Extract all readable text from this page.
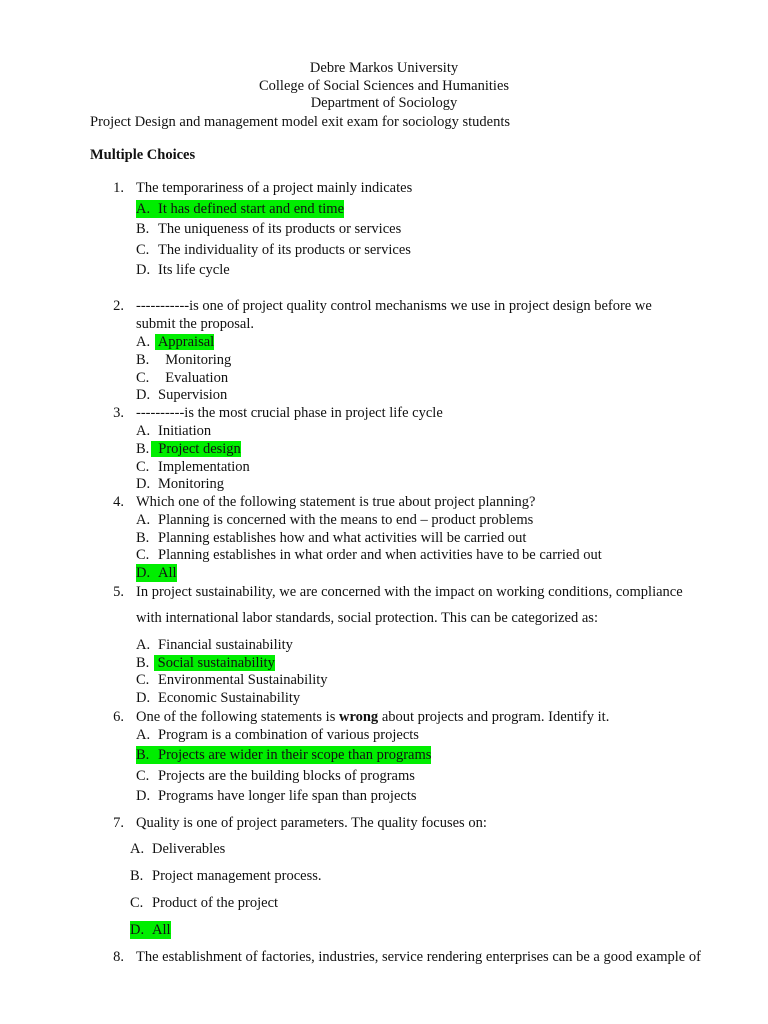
Debre Markos University
College of Social Sciences and Humanities
Department of Sociology
Project Design and management model exit exam for sociology students
Multiple Choices
1. The temporariness of a project mainly indicates
A. It has defined start and end time
B. The uniqueness of its products or services
C. The individuality of its products or services
D. Its life cycle
2. -----------is one of project quality control mechanisms we use in project design before we
submit the proposal.
A. Appraisal
B.  Monitoring
C.  Evaluation
D. Supervision
3. ----------is the most crucial phase in project life cycle
A. Initiation
B.  Project design
C. Implementation
D. Monitoring
4. Which one of the following statement is true about project planning?
A. Planning is concerned with the means to end – product problems
B. Planning establishes how and what activities will be carried out
C. Planning establishes in what order and when activities have to be carried out
D. All
5. In project sustainability, we are concerned with the impact on working conditions, compliance
with international labor standards, social protection. This can be categorized as:
A. Financial sustainability
B. Social sustainability
C. Environmental Sustainability
D. Economic Sustainability
6. One of the following statements is wrong about projects and program. Identify it.
A. Program is a combination of various projects
B. Projects are wider in their scope than programs
C. Projects are the building blocks of programs
D. Programs have longer life span than projects
7. Quality is one of project parameters. The quality focuses on:
A. Deliverables
B. Project management process.
C. Product of the project
D. All
8. The establishment of factories, industries, service rendering enterprises can be a good example of
